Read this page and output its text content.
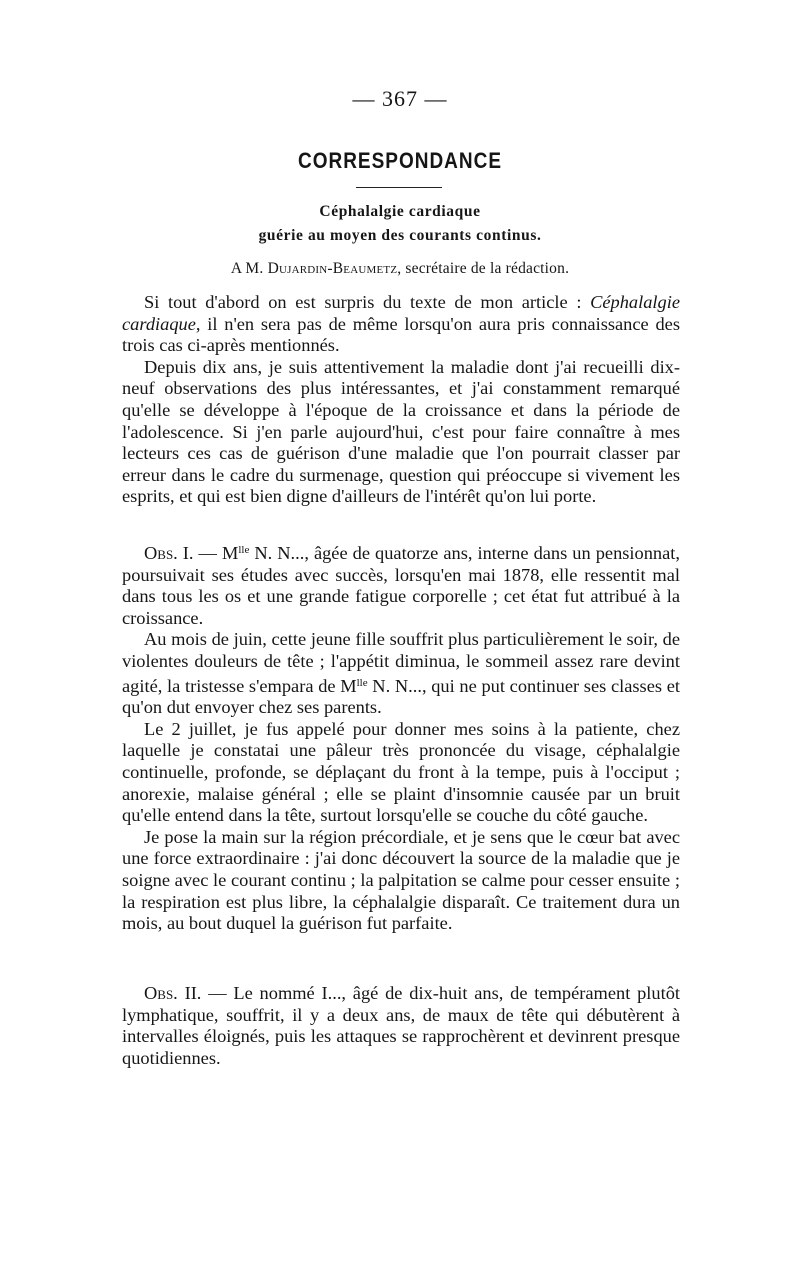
— 367 —
CORRESPONDANCE
Céphalalgie cardiaque
guérie au moyen des courants continus.
A M. Dujardin-Beaumetz, secrétaire de la rédaction.

Si tout d'abord on est surpris du texte de mon article : Céphalalgie cardiaque, il n'en sera pas de même lorsqu'on aura pris connaissance des trois cas ci-après mentionnés.

Depuis dix ans, je suis attentivement la maladie dont j'ai recueilli dix-neuf observations des plus intéressantes, et j'ai constamment remarqué qu'elle se développe à l'époque de la croissance et dans la période de l'adolescence. Si j'en parle aujourd'hui, c'est pour faire connaître à mes lecteurs ces cas de guérison d'une maladie que l'on pourrait classer par erreur dans le cadre du surmenage, question qui préoccupe si vivement les esprits, et qui est bien digne d'ailleurs de l'intérêt qu'on lui porte.

Obs. I. — $M^{lle}$ N. N..., âgée de quatorze ans, interne dans un pensionnat, poursuivait ses études avec succès, lorsqu'en mai 1878, elle ressentit mal dans tous les os et une grande fatigue corporelle ; cet état fut attribué à la croissance.

Au mois de juin, cette jeune fille souffrit plus particulièrement le soir, de violentes douleurs de tête ; l'appétit diminua, le sommeil assez rare devint agité, la tristesse s'empara de $M^{lle}$ N. N..., qui ne put continuer ses classes et qu'on dut envoyer chez ses parents.

Le 2 juillet, je fus appelé pour donner mes soins à la patiente, chez laquelle je constatai une pâleur très prononcée du visage, céphalalgie continuelle, profonde, se déplaçant du front à la tempe, puis à l'occiput ; anorexie, malaise général ; elle se plaint d'insomnie causée par un bruit qu'elle entend dans la tête, surtout lorsqu'elle se couche du côté gauche.

Je pose la main sur la région précordiale, et je sens que le cœur bat avec une force extraordinaire : j'ai donc découvert la source de la maladie que je soigne avec le courant continu ; la palpitation se calme pour cesser ensuite ; la respiration est plus libre, la céphalalgie disparaît. Ce traitement dura un mois, au bout duquel la guérison fut parfaite.

Obs. II. — Le nommé I..., âgé de dix-huit ans, de tempérament plutôt lymphatique, souffrit, il y a deux ans, de maux de tête qui débutèrent à intervalles éloignés, puis les attaques se rapprochèrent et devinrent presque quotidiennes.
